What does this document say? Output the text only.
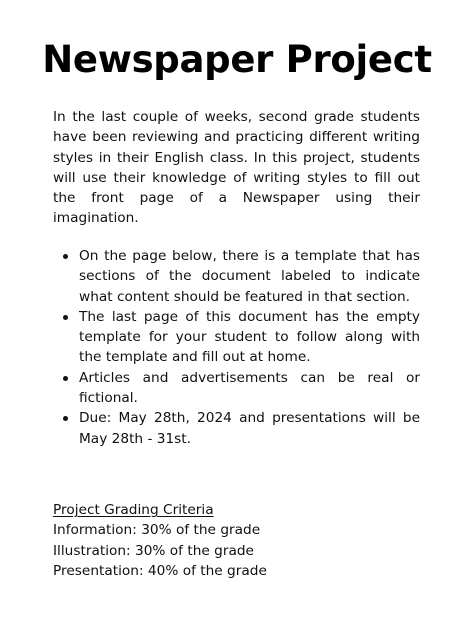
Newspaper Project

In the last couple of weeks, second grade students have been reviewing and practicing different writing styles in their English class. In this project, students will use their knowledge of writing styles to fill out the front page of a Newspaper using their imagination.

On the page below, there is a template that has sections of the document labeled to indicate what content should be featured in that section.
The last page of this document has the empty template for your student to follow along with the template and fill out at home.
Articles and advertisements can be real or fictional.
Due: May 28th, 2024 and presentations will be May 28th - 31st.
Project Grading Criteria
Information: 30% of the grade
Illustration: 30% of the grade
Presentation: 40% of the grade
